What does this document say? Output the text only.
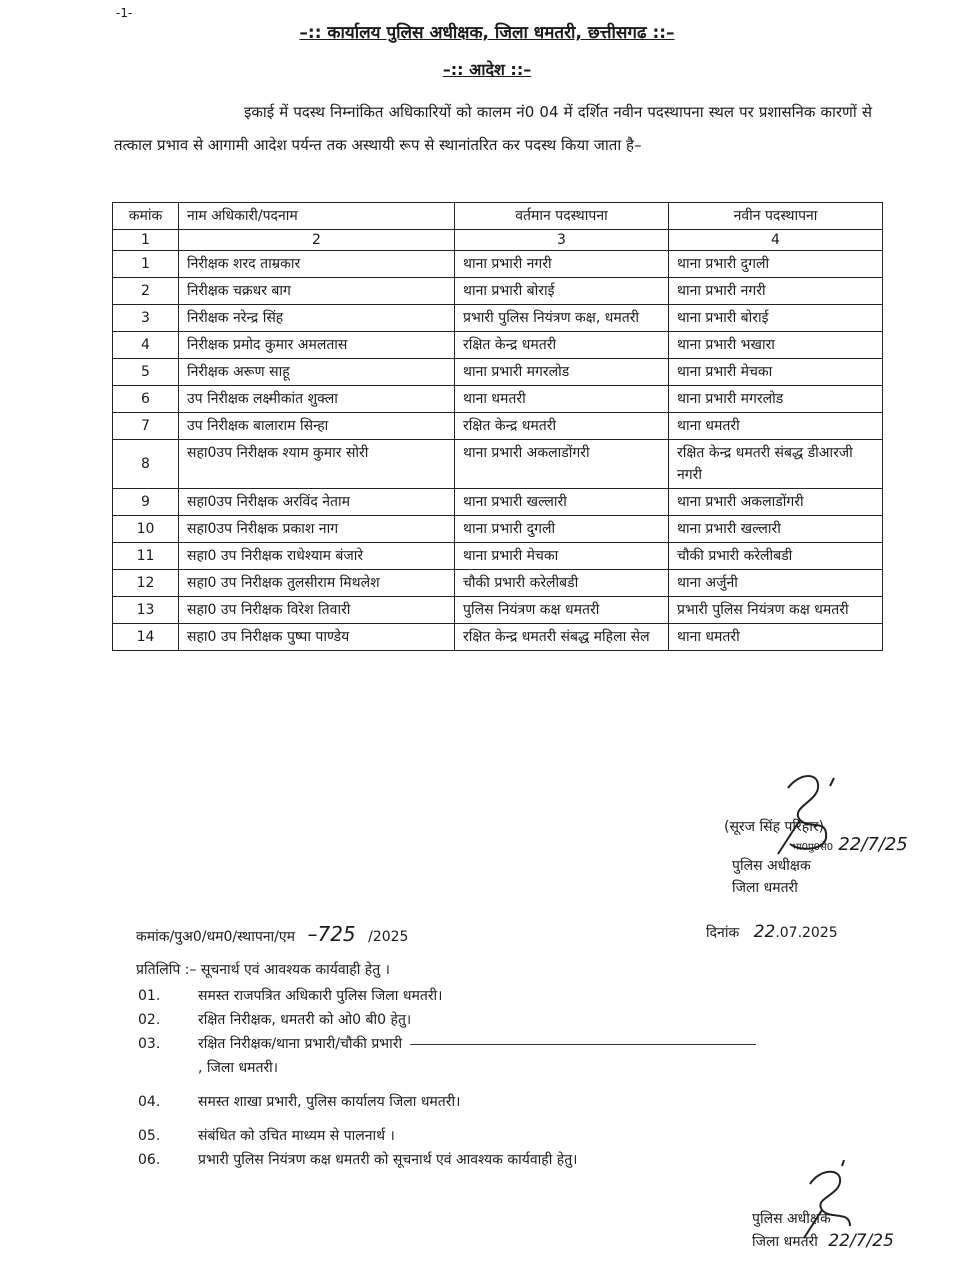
-1-
–:: कार्यालय पुलिस अधीक्षक, जिला धमतरी, छत्तीसगढ ::–
–:: आदेश ::–
इकाई में पदस्थ निम्नांकित अधिकारियों को कालम नं0 04 में दर्शित नवीन पदस्थापना स्थल पर प्रशासनिक कारणों से तत्काल प्रभाव से आगामी आदेश पर्यन्त तक अस्थायी रूप से स्थानांतरित कर पदस्थ किया जाता है–
कमांक	नाम अधिकारी/पदनाम	वर्तमान पदस्थापना	नवीन पदस्थापना
1	2	3	4
1	निरीक्षक शरद ताम्रकार	थाना प्रभारी नगरी	थाना प्रभारी दुगली
2	निरीक्षक चक्रधर बाग	थाना प्रभारी बोराई	थाना प्रभारी नगरी
3	निरीक्षक नरेन्द्र सिंह	प्रभारी पुलिस नियंत्रण कक्ष, धमतरी	थाना प्रभारी बोराई
4	निरीक्षक प्रमोद कुमार अमलतास	रक्षित केन्द्र धमतरी	थाना प्रभारी भखारा
5	निरीक्षक अरूण साहू	थाना प्रभारी मगरलोड	थाना प्रभारी मेचका
6	उप निरीक्षक लक्ष्मीकांत शुक्ला	थाना धमतरी	थाना प्रभारी मगरलोड
7	उप निरीक्षक बालाराम सिन्हा	रक्षित केन्द्र धमतरी	थाना धमतरी
8	सहा0उप निरीक्षक श्याम कुमार सोरी	थाना प्रभारी अकलाडोंगरी	रक्षित केन्द्र धमतरी संबद्ध डीआरजी नगरी
9	सहा0उप निरीक्षक अरविंद नेताम	थाना प्रभारी खल्लारी	थाना प्रभारी अकलाडोंगरी
10	सहा0उप निरीक्षक प्रकाश नाग	थाना प्रभारी दुगली	थाना प्रभारी खल्लारी
11	सहा0 उप निरीक्षक राधेश्याम बंजारे	थाना प्रभारी मेचका	चौकी प्रभारी करेलीबडी
12	सहा0 उप निरीक्षक तुलसीराम मिथलेश	चौकी प्रभारी करेलीबडी	थाना अर्जुनी
13	सहा0 उप निरीक्षक विरेश तिवारी	पुलिस नियंत्रण कक्ष धमतरी	प्रभारी पुलिस नियंत्रण कक्ष धमतरी
14	सहा0 उप निरीक्षक पुष्पा पाण्डेय	रक्षित केन्द्र धमतरी संबद्ध महिला सेल	थाना धमतरी
(सूरज सिंह परिहार)
भा0पु0से0 22/7/25
पुलिस अधीक्षक
जिला धमतरी
कमांक/पुअ0/धम0/स्थापना/एम –725 /2025	दिनांक 22.07.2025
प्रतिलिपि :– सूचनार्थ एवं आवश्यक कार्यवाही हेतु ।
01.	समस्त राजपत्रित अधिकारी पुलिस जिला धमतरी।
02.	रक्षित निरीक्षक, धमतरी को ओ0 बी0 हेतु।
03.	रक्षित निरीक्षक/थाना प्रभारी/चौकी प्रभारी
, जिला धमतरी।
04.	समस्त शाखा प्रभारी, पुलिस कार्यालय जिला धमतरी।
05.	संबंधित को उचित माध्यम से पालनार्थ ।
06.	प्रभारी पुलिस नियंत्रण कक्ष धमतरी को सूचनार्थ एवं आवश्यक कार्यवाही हेतु।
पुलिस अधीक्षक
जिला धमतरी 22/7/25
